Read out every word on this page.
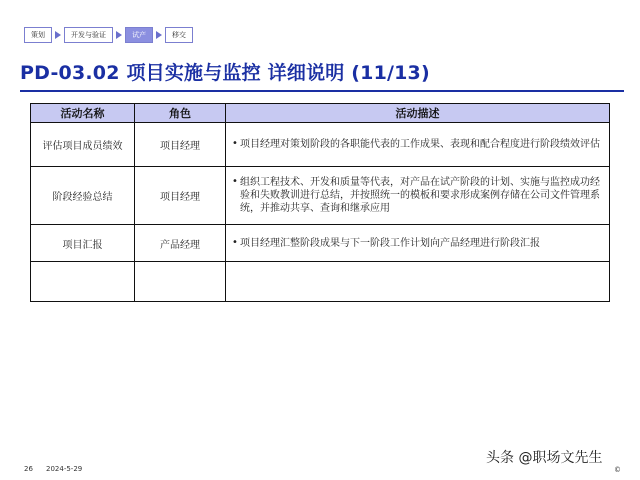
策划	开发与验证	试产	移交
PD-03.02 项目实施与监控 详细说明 (11/13)
活动名称	角色	活动描述
评估项目成员绩效	项目经理	• 项目经理对策划阶段的各职能代表的工作成果、表现和配合程度进行阶段绩效评估

阶段经验总结	项目经理	• 组织工程技术、开发和质量等代表，对产品在试产阶段的计划、实施与监控成功经验和失败教训进行总结，并按照统一的模板和要求形成案例存储在公司文件管理系统，并推动共享、查询和继承应用

项目汇报	产品经理	• 项目经理汇整阶段成果与下一阶段工作计划向产品经理进行阶段汇报

26 2024-5-29
头条 @职场文先生
©
